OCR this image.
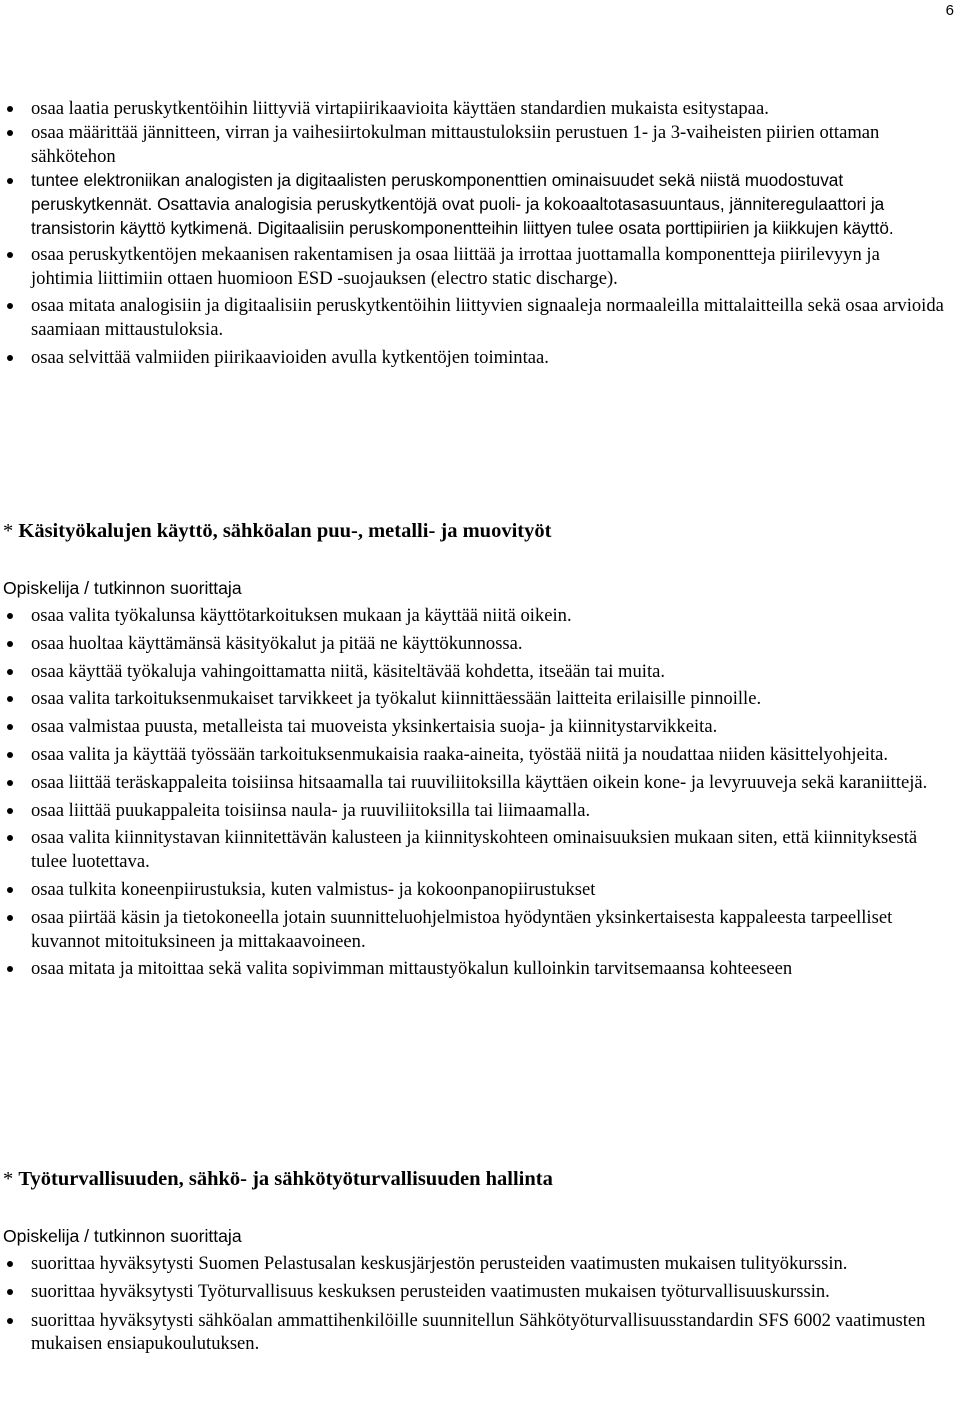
6
osaa laatia peruskytkentöihin liittyviä virtapiirikaavioita käyttäen standardien mukaista esitystapaa.
osaa määrittää jännitteen, virran ja vaihesiirtokulman mittaustuloksiin perustuen 1- ja 3-vaiheisten piirien ottaman sähkötehon
tuntee elektroniikan analogisten ja digitaalisten peruskomponenttien ominaisuudet sekä niistä muodostuvat peruskytkennät. Osattavia analogisia peruskytkentöjä ovat puoli- ja kokoaaltotasasuuntaus, jänniteregulaattori ja transistorin käyttö kytkimenä. Digitaalisiin peruskomponentteihin liittyen tulee osata porttipiirien ja kiikkujen käyttö.
osaa peruskytkentöjen mekaanisen rakentamisen ja osaa liittää ja irrottaa juottamalla komponentteja piirilevyyn ja johtimia liittimiin ottaen huomioon ESD -suojauksen (electro static discharge).
osaa mitata analogisiin ja digitaalisiin peruskytkentöihin liittyvien signaaleja normaaleilla mittalaitteilla sekä osaa arvioida saamiaan mittaustuloksia.
osaa selvittää valmiiden piirikaavioiden avulla kytkentöjen toimintaa.
* Käsityökalujen käyttö, sähköalan puu-, metalli- ja muovityöt
Opiskelija / tutkinnon suorittaja
osaa valita työkalunsa käyttötarkoituksen mukaan ja käyttää niitä oikein.
osaa huoltaa käyttämänsä käsityökalut ja pitää ne käyttökunnossa.
osaa käyttää työkaluja vahingoittamatta niitä, käsiteltävää kohdetta, itseään tai muita.
osaa valita tarkoituksenmukaiset tarvikkeet ja työkalut kiinnittäessään laitteita erilaisille pinnoille.
osaa valmistaa puusta, metalleista tai muoveista yksinkertaisia suoja- ja kiinnitystarvikkeita.
osaa valita ja käyttää työssään tarkoituksenmukaisia raaka-aineita, työstää niitä ja noudattaa niiden käsittelyohjeita.
osaa liittää teräskappaleita toisiinsa hitsaamalla tai ruuviliitoksilla käyttäen oikein kone- ja levyruuveja sekä karaniittejä.
osaa liittää puukappaleita toisiinsa naula- ja ruuviliitoksilla tai liimaamalla.
osaa valita kiinnitystavan kiinnitettävän kalusteen ja kiinnityskohteen ominaisuuksien mukaan siten, että kiinnityksestä tulee luotettava.
osaa tulkita koneenpiirustuksia, kuten valmistus- ja kokoonpanopiirustukset
osaa piirtää käsin ja tietokoneella jotain suunnitteluohjelmistoa hyödyntäen yksinkertaisesta kappaleesta tarpeelliset kuvannot mitoituksineen ja mittakaavoineen.
osaa mitata ja mitoittaa sekä valita sopivimman mittaustyökalun kulloinkin tarvitsemaansa kohteeseen
* Työturvallisuuden, sähkö- ja sähkötyöturvallisuuden hallinta
Opiskelija / tutkinnon suorittaja
suorittaa hyväksytysti Suomen Pelastusalan keskusjärjestön perusteiden vaatimusten mukaisen tulityökurssin.
suorittaa hyväksytysti Työturvallisuus keskuksen perusteiden vaatimusten mukaisen työturvallisuuskurssin.
suorittaa hyväksytysti sähköalan ammattihenkilöille suunnitellun Sähkötyöturvallisuusstandardin SFS 6002 vaatimusten mukaisen ensiapukoulutuksen.
